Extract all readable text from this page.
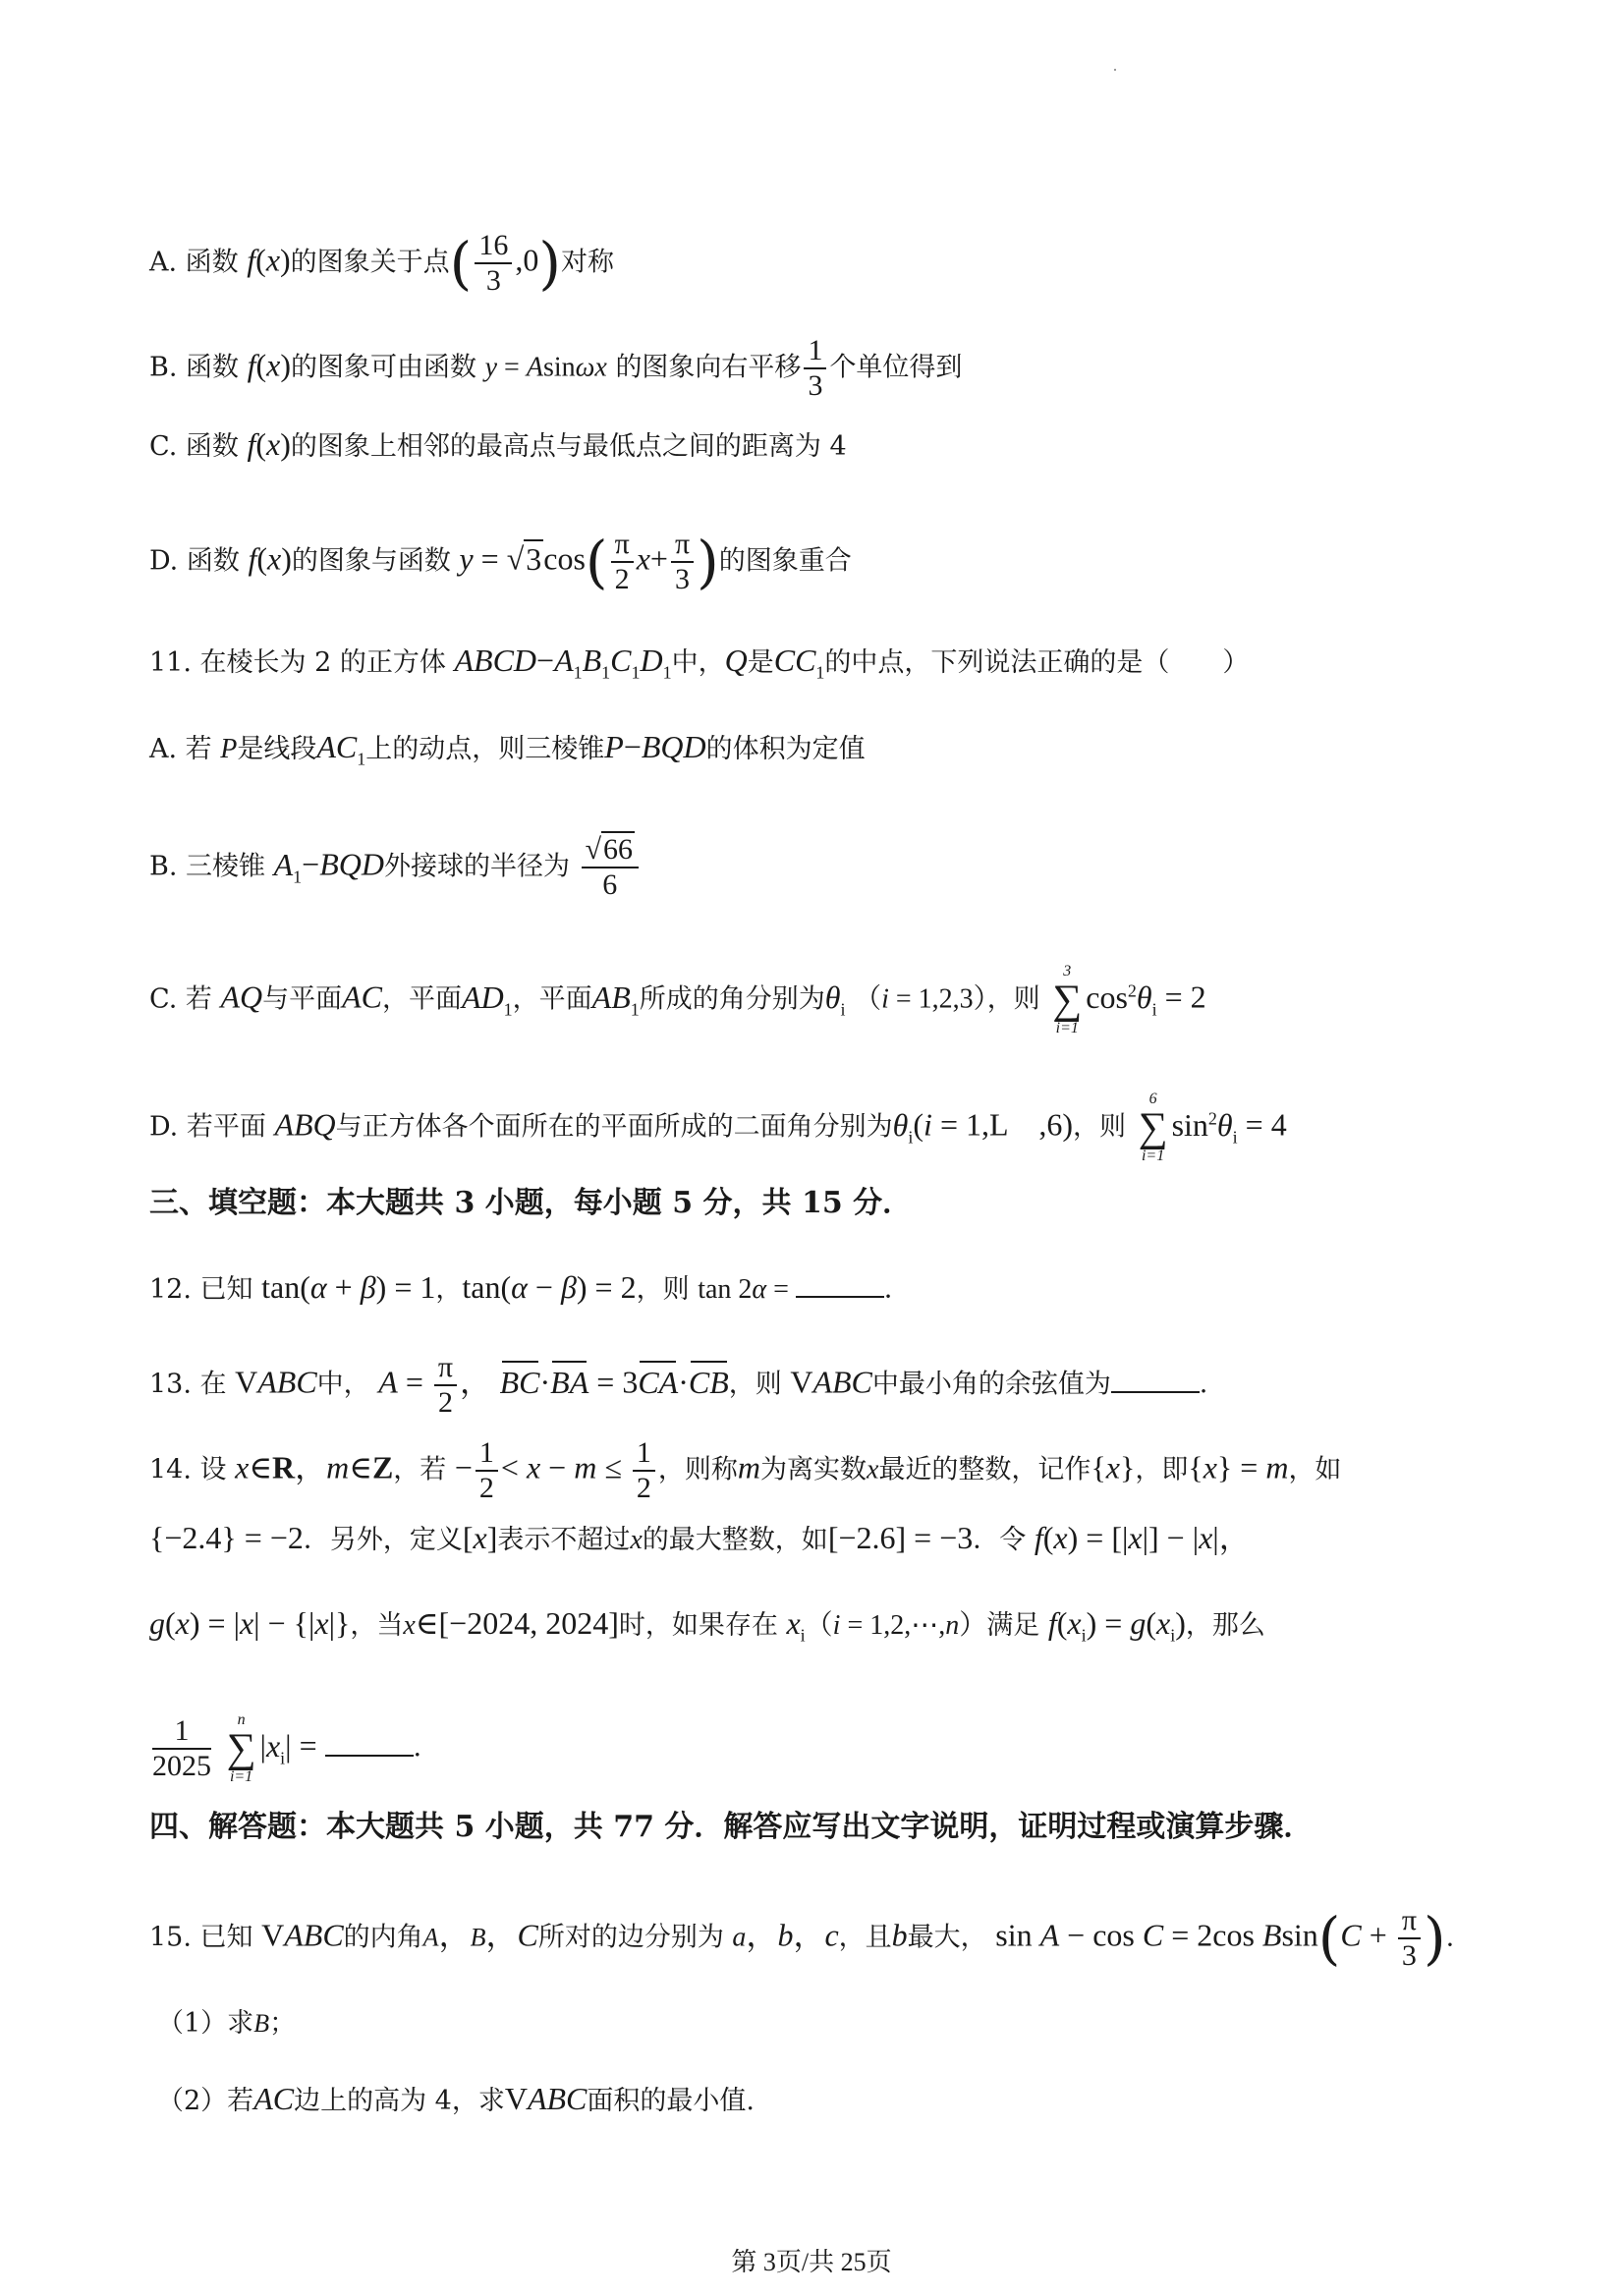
A. 函数 f(x)的图象关于点( $\frac{16}{3} ,0$)对称
B. 函数 f(x)的图象可由函数 y = Asinωx 的图象向右平移 $\frac{1}{3}$ 个单位得到
C. 函数 f(x)的图象上相邻的最高点与最低点之间的距离为 4
D. 函数 f(x)的图象与函数 $y = √3\cos( \frac{\pi}{2} x+ \frac{\pi}{3}$ )的图象重合
11. 在棱长为 2 的正方体 $ABCD-A_1B_1C_1D_1$中，Q是$CC_1$的中点，下列说法正确的是（　　）
A. 若 P是线段$AC_1$上的动点，则三棱锥P−BQD的体积为定值
B. 三棱锥 $A_1-BQD$外接球的半径为 $\frac{√66}{6}$
C. 若 AQ与平面AC，平面$AD_1$，平面$AB_1$所成的角分别为$\theta_i$ （i = 1,2,3），则
3
∑
i=1
$\cos^2\theta_i = 2$
D. 若平面 ABQ与正方体各个面所在的平面所成的二面角分别为$\theta_i(i = 1,L$　,6)，则
6
∑
i=1
$\sin^2\theta_i = 4$
三、填空题：本大题共 3 小题，每小题 5 分，共 15 分．
12. 已知 tan(α + β) = 1，tan(α − β) = 2，则 tan 2α =	．
13. 在 VABC中， $A = \frac{\pi}{2}$ ， BC·BA = 3CA·CB，则 VABC中最小角的余弦值为	．
14. 设 x∈R，m∈Z，若 − $\frac{1}{2} < x - m \le \frac{1}{2}$ ，则称m为离实数x最近的整数，记作{x}，即{x} = m，如
{−2.4} = −2．另外，定义[x]表示不超过x的最大整数，如[−2.6] = −3．令 f(x) = [|x|] − |x|，
g(x) = |x| − {|x|}，当x∈[−2024, 2024]时，如果存在 $x_i(i$ = 1,2,⋯,n）满足 $f(x_i) = g(x_i)$，那么
$\frac{1}{2025}$
n
∑
i=1
$|x_i|$ =	．
四、解答题：本大题共 5 小题，共 77 分．解答应写出文字说明，证明过程或演算步骤．
15. 已知 VABC的内角A，B，C所对的边分别为 a，b，c，且b最大， sin A − cos C = 2cos $Bsin(C + \frac{\pi}{3}$ ).
（1）求B；
（2）若AC边上的高为 4，求VABC面积的最小值.
第 3页/共 25页
